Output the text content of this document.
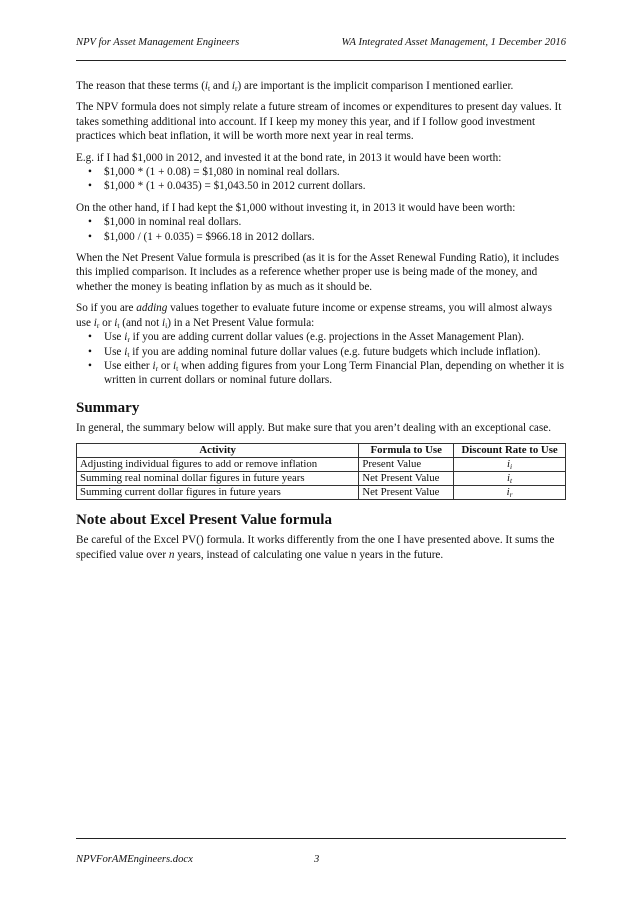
NPV for Asset Management Engineers	WA Integrated Asset Management, 1 December 2016

The reason that these terms ($i_t$ and $i_r$) are important is the implicit comparison I mentioned earlier.

The NPV formula does not simply relate a future stream of incomes or expenditures to present day values. It takes something additional into account. If I keep my money this year, and if I follow good investment practices which beat inflation, it will be worth more next year in real terms.

E.g. if I had $1,000 in 2012, and invested it at the bond rate, in 2013 it would have been worth:

• $1,000 * (1 + 0.08) = $1,080 in nominal real dollars.
• $1,000 * (1 + 0.0435) = $1,043.50 in 2012 current dollars.

On the other hand, if I had kept the $1,000 without investing it, in 2013 it would have been worth:

• $1,000 in nominal real dollars.
• $1,000 / (1 + 0.035) = $966.18 in 2012 dollars.

When the Net Present Value formula is prescribed (as it is for the Asset Renewal Funding Ratio), it includes this implied comparison. It includes as a reference whether proper use is being made of the money, and whether the money is beating inflation by as much as it should be.

So if you are adding values together to evaluate future income or expense streams, you will almost always use $i_r$ or $i_t$ (and not $i_i$) in a Net Present Value formula:

• Use $i_r$ if you are adding current dollar values (e.g. projections in the Asset Management Plan).
• Use $i_t$ if you are adding nominal future dollar values (e.g. future budgets which include inflation).
• Use either $i_r$ or $i_t$ when adding figures from your Long Term Financial Plan, depending on whether it is written in current dollars or nominal future dollars.
Summary

In general, the summary below will apply. But make sure that you aren’t dealing with an exceptional case.

Activity	Formula to Use	Discount Rate to Use
Adjusting individual figures to add or remove inflation	Present Value	$i_i$
Summing real nominal dollar figures in future years	Net Present Value	$i_t$
Summing current dollar figures in future years	Net Present Value	$i_r$
Note about Excel Present Value formula

Be careful of the Excel PV() formula. It works differently from the one I have presented above. It sums the specified value over n years, instead of calculating one value n years in the future.

NPVForAMEngineers.docx	3
